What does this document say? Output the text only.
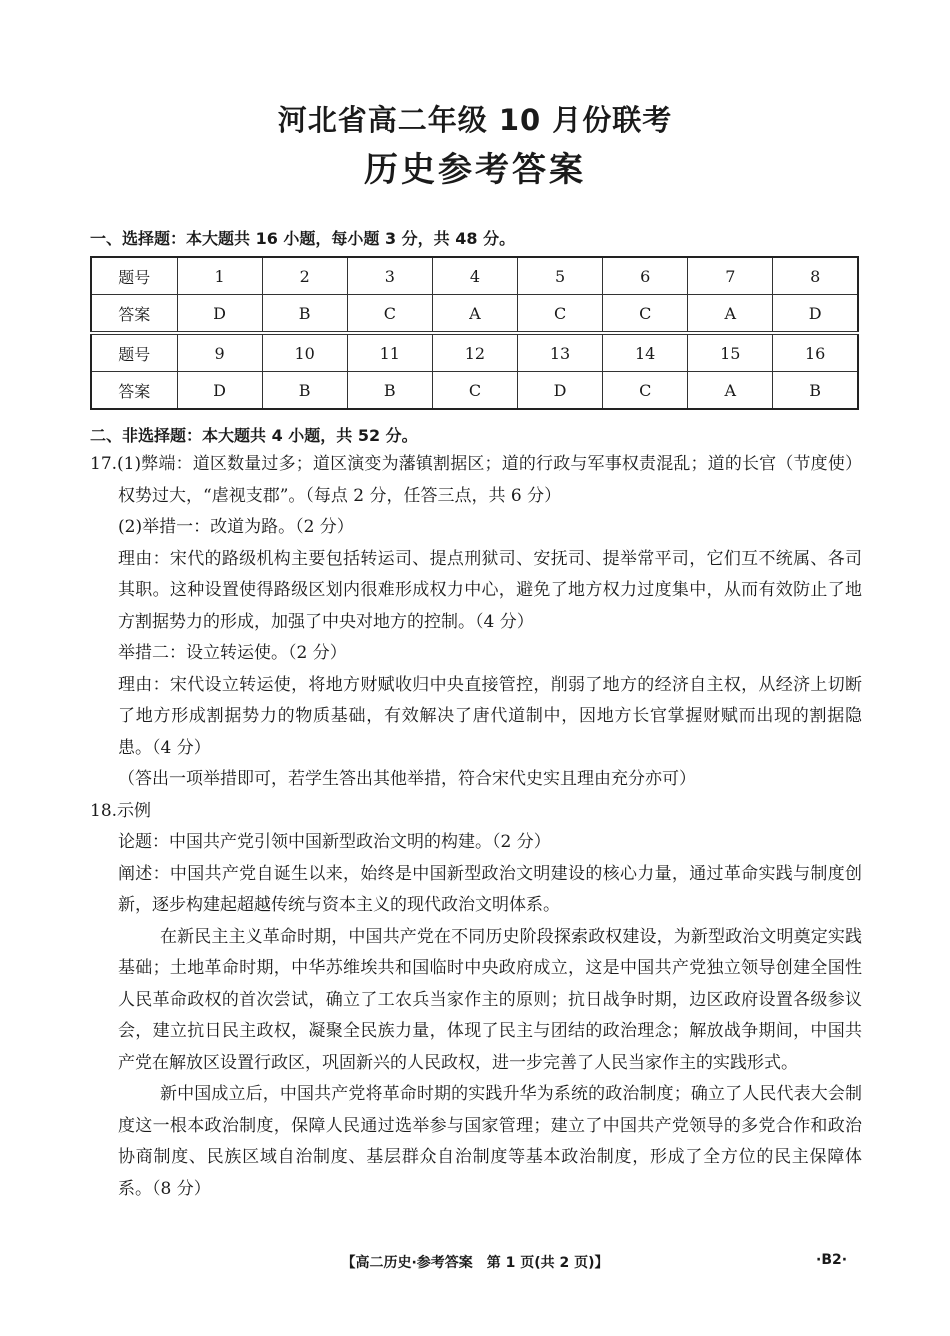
河北省高二年级 10 月份联考
历史参考答案
一、选择题：本大题共 16 小题，每小题 3 分，共 48 分。
题号	1	2	3	4	5	6	7	8
答案	D	B	C	A	C	C	A	D
题号	9	10	11	12	13	14	15	16
答案	D	B	B	C	D	C	A	B
二、非选择题：本大题共 4 小题，共 52 分。

17.(1)弊端：道区数量过多；道区演变为藩镇割据区；道的行政与军事权责混乱；道的长官（节度使）权势过大，“虐视支郡”。（每点 2 分，任答三点，共 6 分）

(2)举措一：改道为路。（2 分）

理由：宋代的路级机构主要包括转运司、提点刑狱司、安抚司、提举常平司，它们互不统属、各司其职。这种设置使得路级区划内很难形成权力中心，避免了地方权力过度集中，从而有效防止了地方割据势力的形成，加强了中央对地方的控制。（4 分）

举措二：设立转运使。（2 分）

理由：宋代设立转运使，将地方财赋收归中央直接管控，削弱了地方的经济自主权，从经济上切断了地方形成割据势力的物质基础，有效解决了唐代道制中，因地方长官掌握财赋而出现的割据隐患。（4 分）

（答出一项举措即可，若学生答出其他举措，符合宋代史实且理由充分亦可）

18.示例

论题：中国共产党引领中国新型政治文明的构建。（2 分）

阐述：中国共产党自诞生以来，始终是中国新型政治文明建设的核心力量，通过革命实践与制度创新，逐步构建起超越传统与资本主义的现代政治文明体系。

在新民主主义革命时期，中国共产党在不同历史阶段探索政权建设，为新型政治文明奠定实践基础；土地革命时期，中华苏维埃共和国临时中央政府成立，这是中国共产党独立领导创建全国性人民革命政权的首次尝试，确立了工农兵当家作主的原则；抗日战争时期，边区政府设置各级参议会，建立抗日民主政权，凝聚全民族力量，体现了民主与团结的政治理念；解放战争期间，中国共产党在解放区设置行政区，巩固新兴的人民政权，进一步完善了人民当家作主的实践形式。

新中国成立后，中国共产党将革命时期的实践升华为系统的政治制度；确立了人民代表大会制度这一根本政治制度，保障人民通过选举参与国家管理；建立了中国共产党领导的多党合作和政治协商制度、民族区域自治制度、基层群众自治制度等基本政治制度，形成了全方位的民主保障体系。（8 分）

【高二历史·参考答案　第 1 页(共 2 页)】	·B2·
